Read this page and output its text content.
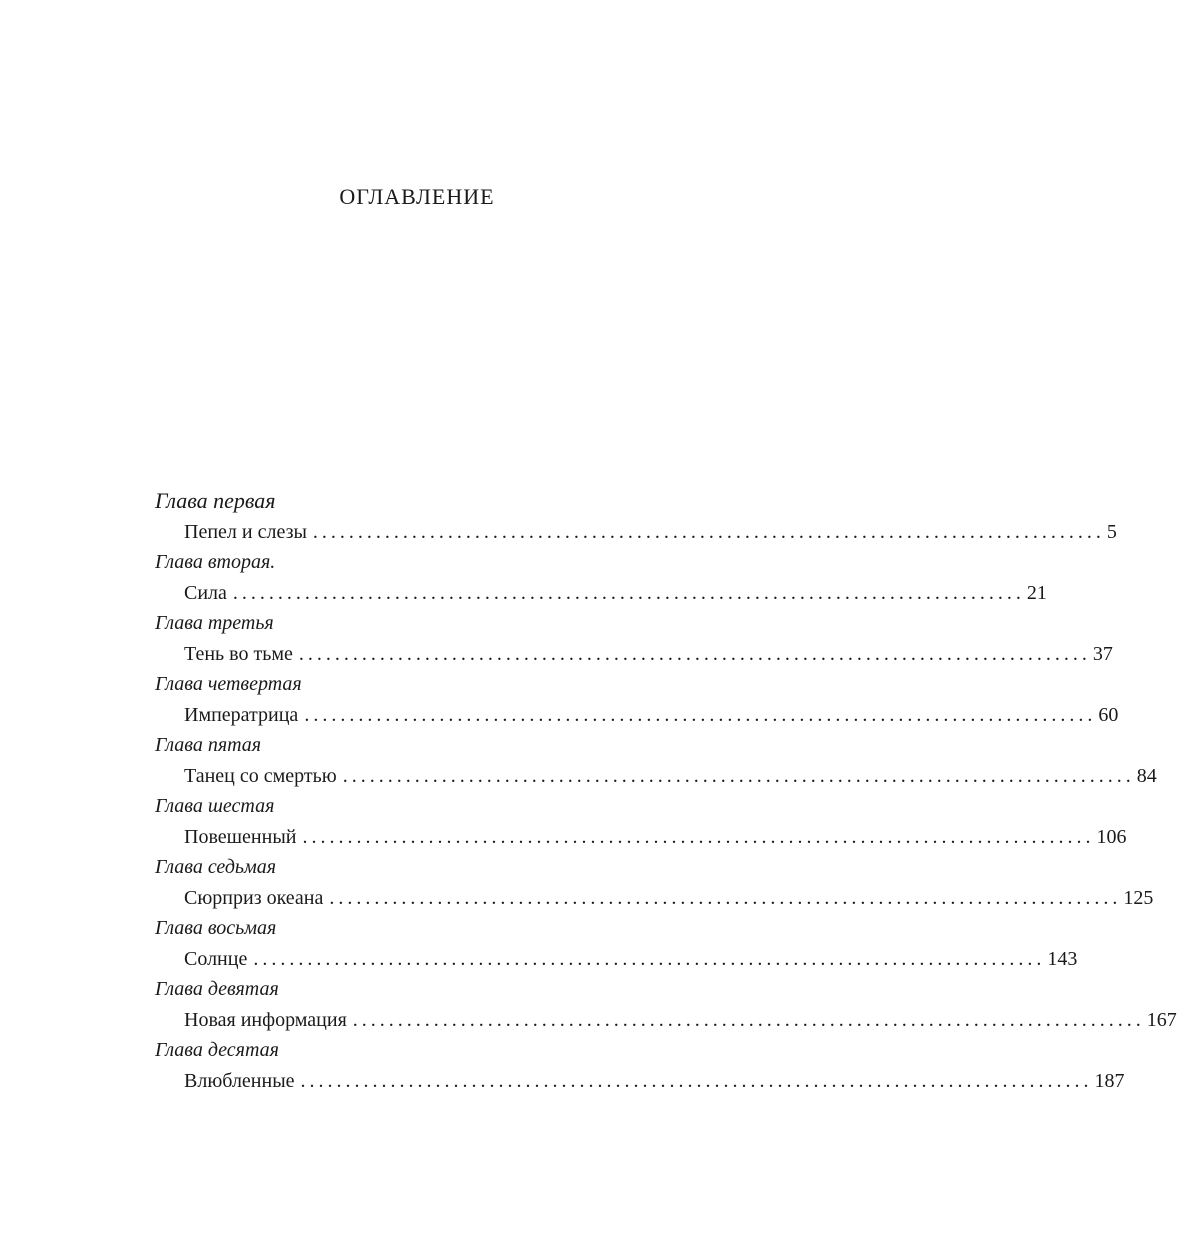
ОГЛАВЛЕНИЕ
Глава первая
Пепел и слезы ........................................................................................ 5
Глава вторая.
Сила ........................................................................................ 21
Глава третья
Тень во тьме ........................................................................................ 37
Глава четвертая
Императрица ........................................................................................ 60
Глава пятая
Танец со смертью ........................................................................................ 84
Глава шестая
Повешенный ........................................................................................ 106
Глава седьмая
Сюрприз океана ........................................................................................ 125
Глава восьмая
Солнце ........................................................................................ 143
Глава девятая
Новая информация ........................................................................................ 167
Глава десятая
Влюбленные ........................................................................................ 187
